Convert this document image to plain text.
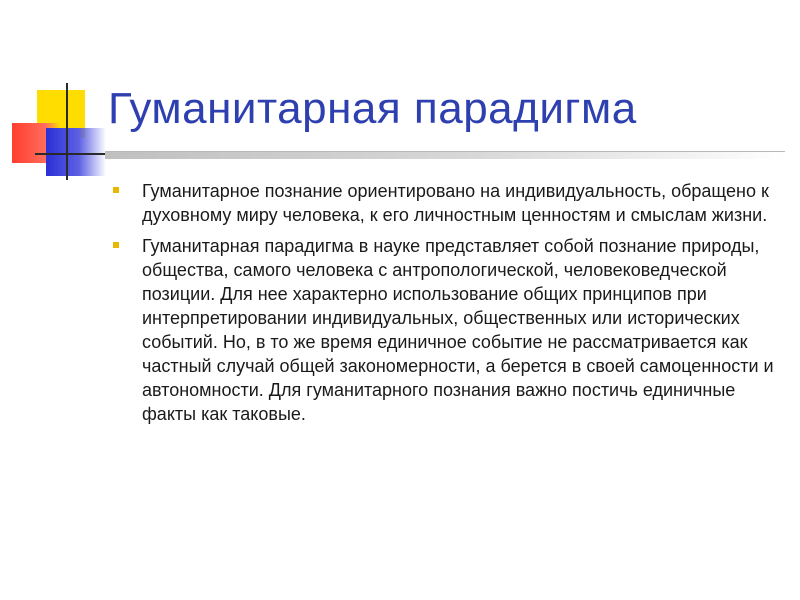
Гуманитарная парадигма
Гуманитарное познание ориентировано на индивидуальность, обращено к духовному миру человека, к его личностным ценностям и смыслам жизни.
Гуманитарная парадигма в науке представляет собой познание природы, общества, самого человека с антропологической, человековедческой позиции. Для нее характерно использование общих принципов при интерпретировании индивидуальных, общественных или исторических событий. Но, в то же время единичное событие не рассматривается как частный случай общей закономерности, а берется в своей самоценности и автономности. Для гуманитарного познания важно постичь единичные факты как таковые.
